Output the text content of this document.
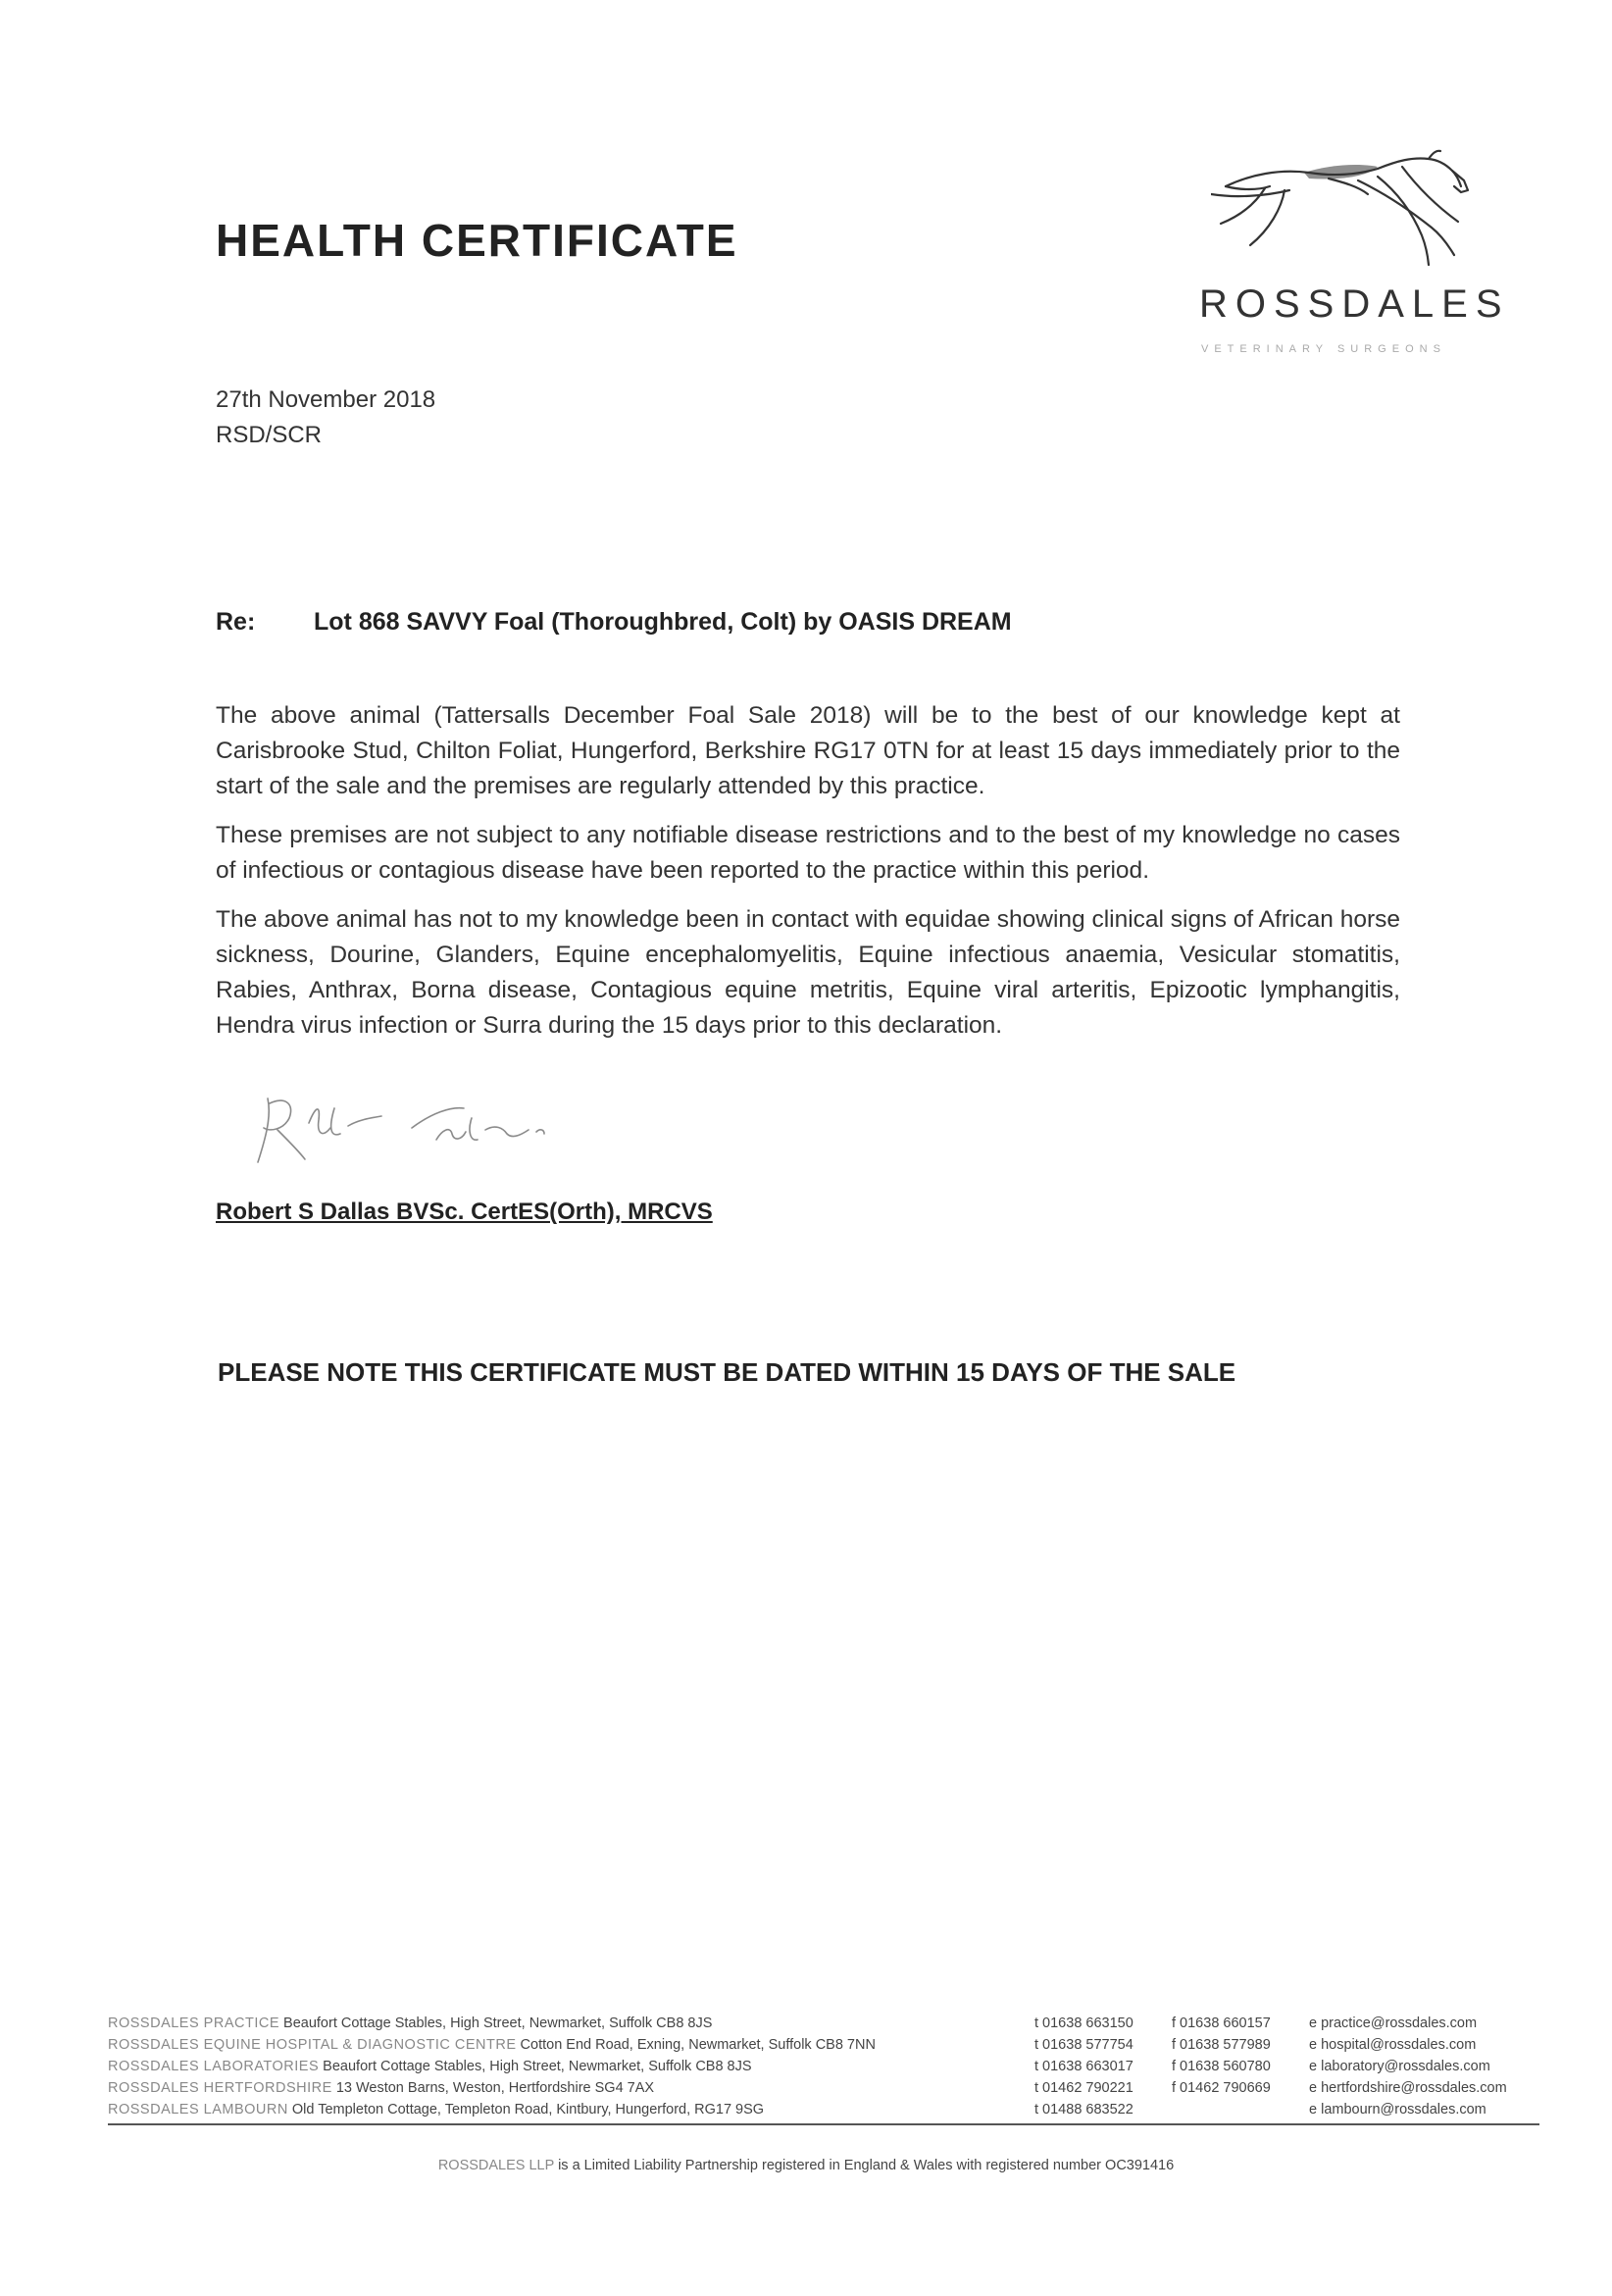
HEALTH CERTIFICATE
ROSSDALES
VETERINARY SURGEONS
27th November 2018
RSD/SCR
Re: Lot 868 SAVVY Foal (Thoroughbred, Colt) by OASIS DREAM

The above animal (Tattersalls December Foal Sale 2018) will be to the best of our knowledge kept at Carisbrooke Stud, Chilton Foliat, Hungerford, Berkshire RG17 0TN for at least 15 days immediately prior to the start of the sale and the premises are regularly attended by this practice.

These premises are not subject to any notifiable disease restrictions and to the best of my knowledge no cases of infectious or contagious disease have been reported to the practice within this period.

The above animal has not to my knowledge been in contact with equidae showing clinical signs of African horse sickness, Dourine, Glanders, Equine encephalomyelitis, Equine infectious anaemia, Vesicular stomatitis, Rabies, Anthrax, Borna disease, Contagious equine metritis, Equine viral arteritis, Epizootic lymphangitis, Hendra virus infection or Surra during the 15 days prior to this declaration.

Robert S Dallas BVSc. CertES(Orth), MRCVS
PLEASE NOTE THIS CERTIFICATE MUST BE DATED WITHIN 15 DAYS OF THE SALE
ROSSDALES PRACTICE Beaufort Cottage Stables, High Street, Newmarket, Suffolk CB8 8JS	t 01638 663150	f 01638 660157	e practice@rossdales.com
ROSSDALES EQUINE HOSPITAL & DIAGNOSTIC CENTRE Cotton End Road, Exning, Newmarket, Suffolk CB8 7NN	t 01638 577754	f 01638 577989	e hospital@rossdales.com
ROSSDALES LABORATORIES Beaufort Cottage Stables, High Street, Newmarket, Suffolk CB8 8JS	t 01638 663017	f 01638 560780	e laboratory@rossdales.com
ROSSDALES HERTFORDSHIRE 13 Weston Barns, Weston, Hertfordshire SG4 7AX	t 01462 790221	f 01462 790669	e hertfordshire@rossdales.com
ROSSDALES LAMBOURN Old Templeton Cottage, Templeton Road, Kintbury, Hungerford, RG17 9SG	t 01488 683522	e lambourn@rossdales.com
ROSSDALES LLP is a Limited Liability Partnership registered in England & Wales with registered number OC391416
